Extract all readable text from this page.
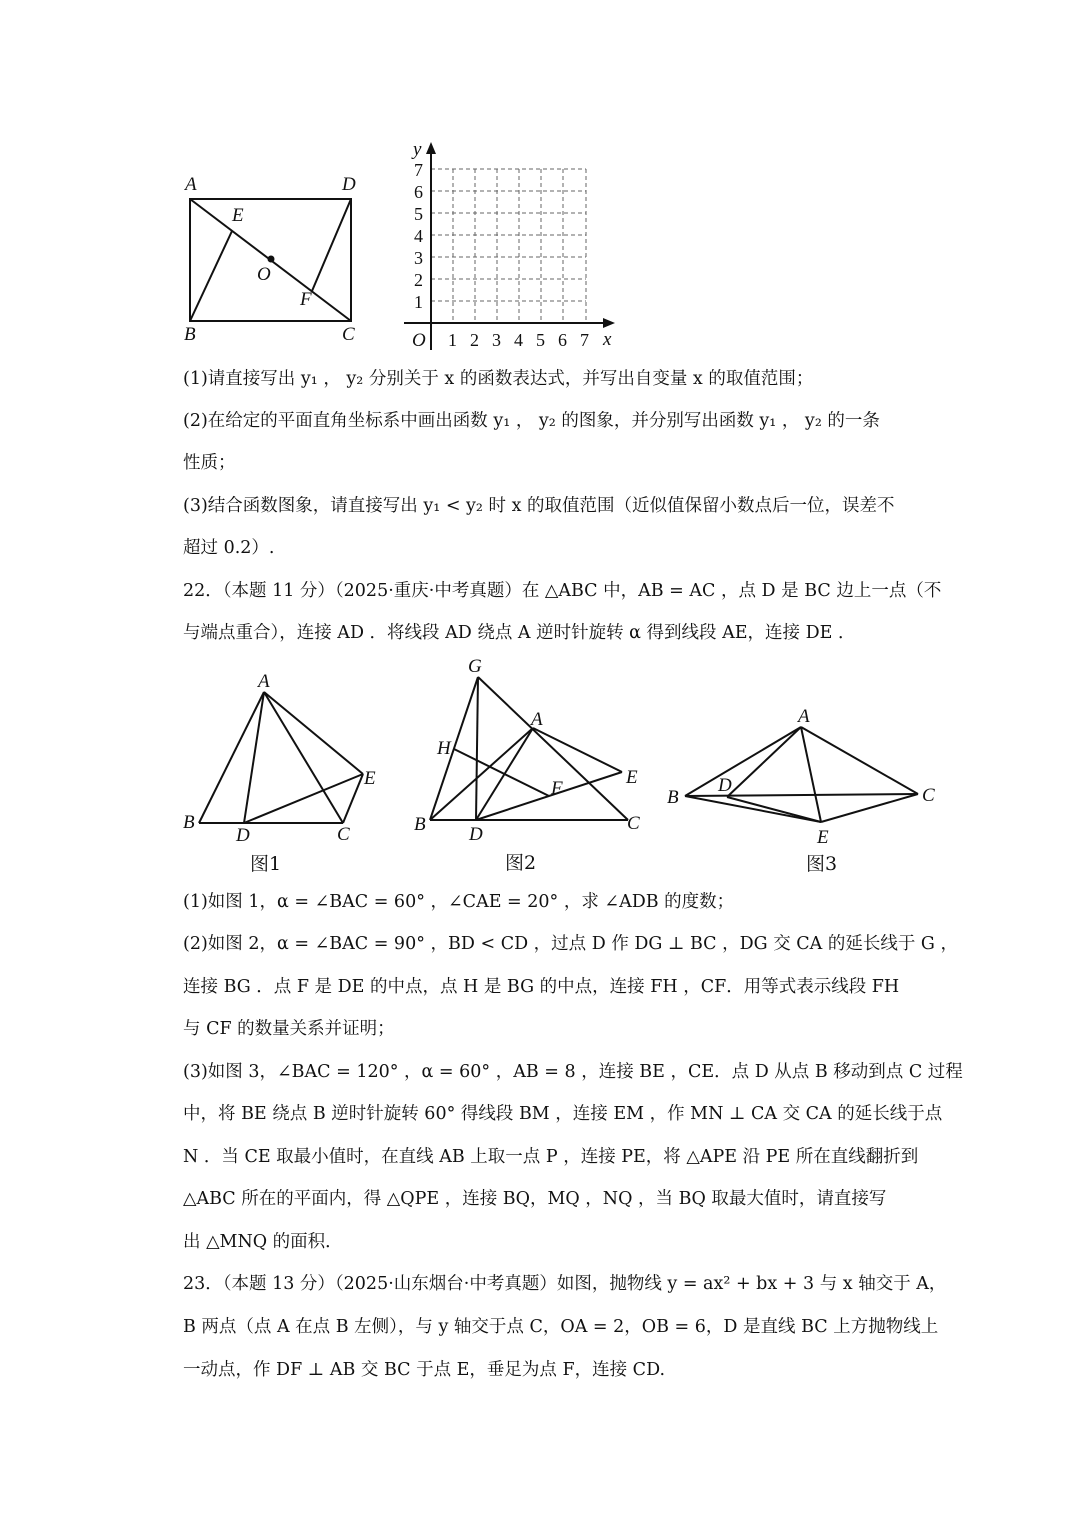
A	D
E
O
F
B	C
y
x
O
7
6
5
4
3
2
1
1 2 3 4 5 6 7
(1)请直接写出 y₁ ， y₂ 分别关于 x 的函数表达式，并写出自变量 x 的取值范围；
(2)在给定的平面直角坐标系中画出函数 y₁ ， y₂ 的图象，并分别写出函数 y₁ ， y₂ 的一条
性质；
(3)结合函数图象，请直接写出 y₁ < y₂ 时 x 的取值范围（近似值保留小数点后一位，误差不
超过 0.2）.
22．（本题 11 分）（2025·重庆·中考真题）在 △ABC 中，AB = AC ，点 D 是 BC 边上一点（不
与端点重合），连接 AD ．将线段 AD 绕点 A 逆时针旋转 α 得到线段 AE，连接 DE ．
A
B
D	C
E
图1
G
A
H
E
F
B D
C
图2
A
D
B	C
E
图3
(1)如图 1，α = ∠BAC = 60° ，∠CAE = 20° ，求 ∠ADB 的度数；
(2)如图 2，α = ∠BAC = 90° ，BD < CD ，过点 D 作 DG ⊥ BC ，DG 交 CA 的延长线于 G ，
连接 BG ．点 F 是 DE 的中点，点 H 是 BG 的中点，连接 FH ，CF．用等式表示线段 FH
与 CF 的数量关系并证明；
(3)如图 3，∠BAC = 120° ，α = 60° ，AB = 8 ，连接 BE ，CE．点 D 从点 B 移动到点 C 过程
中，将 BE 绕点 B 逆时针旋转 60° 得线段 BM ，连接 EM ，作 MN ⊥ CA 交 CA 的延长线于点
N ．当 CE 取最小值时，在直线 AB 上取一点 P ，连接 PE，将 △APE 沿 PE 所在直线翻折到
△ABC 所在的平面内，得 △QPE ，连接 BQ，MQ ，NQ ，当 BQ 取最大值时，请直接写
出 △MNQ 的面积．
23．（本题 13 分）（2025·山东烟台·中考真题）如图，抛物线 y = ax² + bx + 3 与 x 轴交于 A，
B 两点（点 A 在点 B 左侧），与 y 轴交于点 C，OA = 2，OB = 6，D 是直线 BC 上方抛物线上
一动点，作 DF ⊥ AB 交 BC 于点 E，垂足为点 F，连接 CD.
